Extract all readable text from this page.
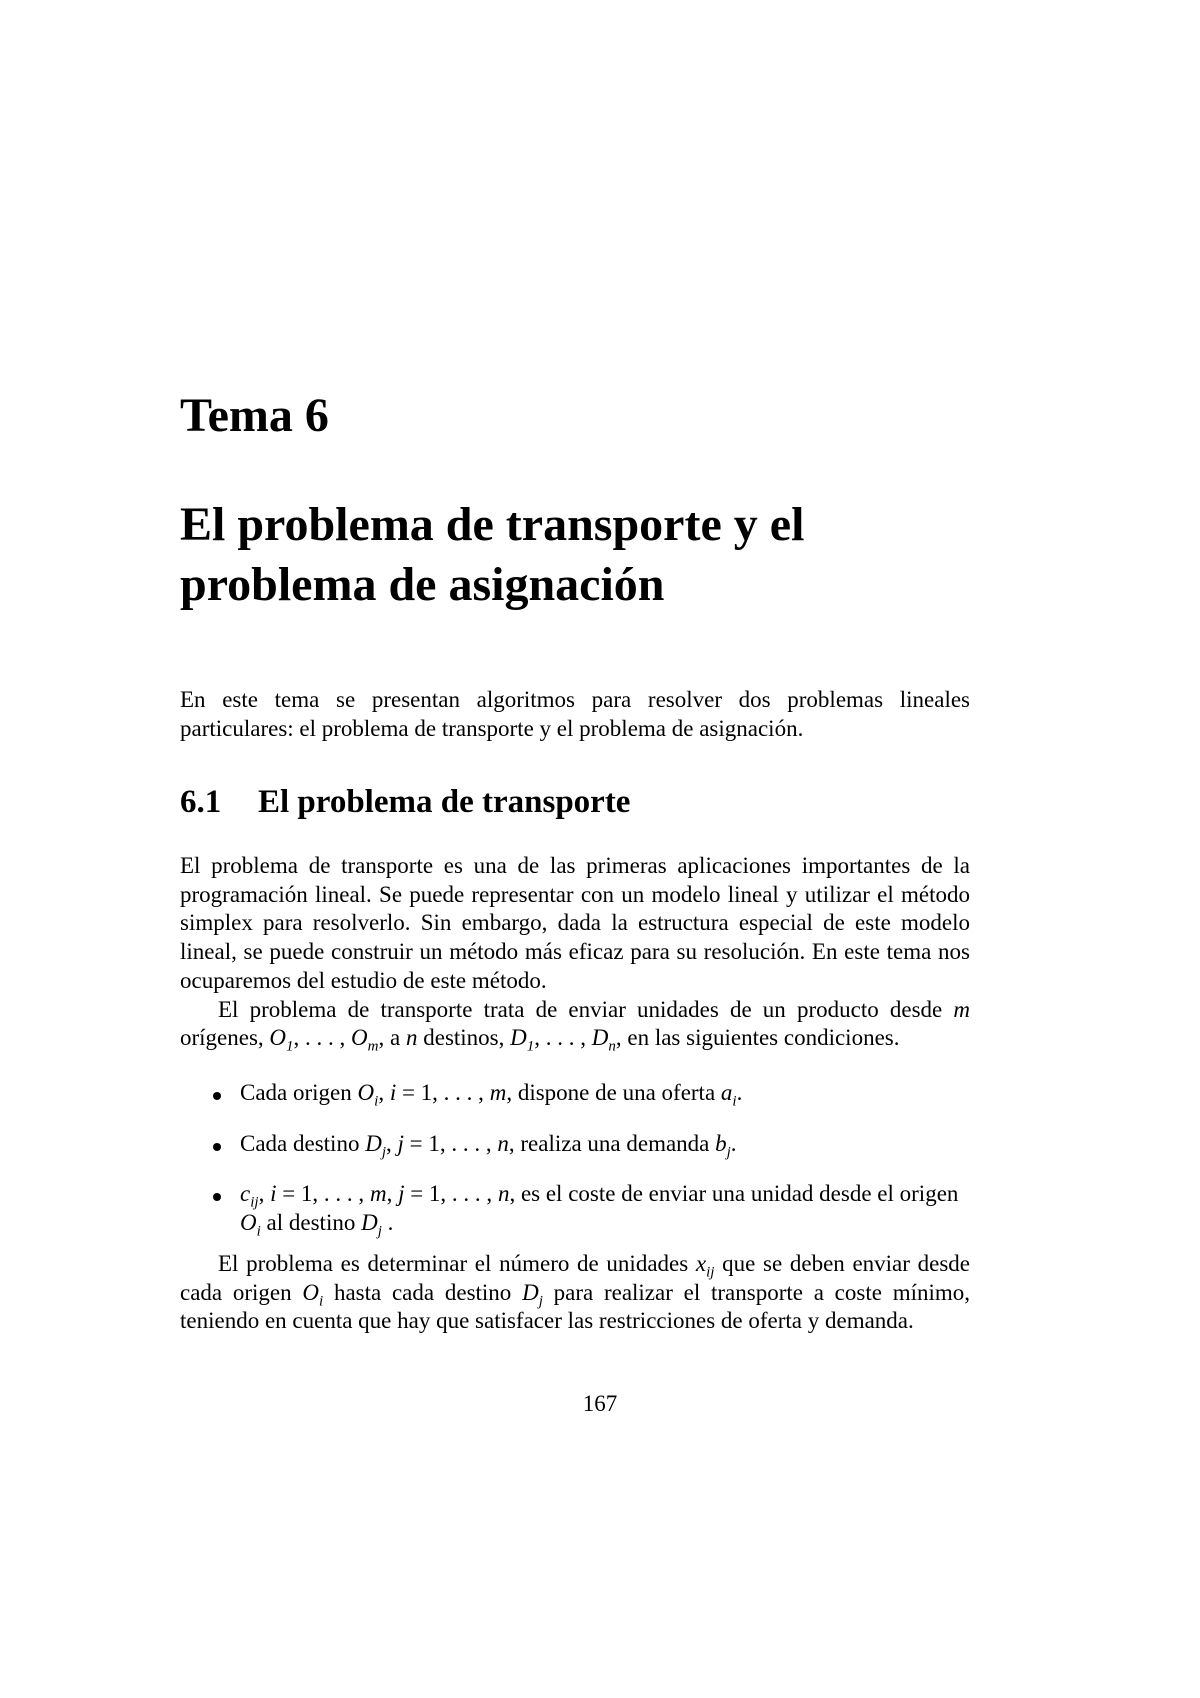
Tema 6
El problema de transporte y el
problema de asignación

En este tema se presentan algoritmos para resolver dos problemas lineales particulares: el problema de transporte y el problema de asignación.

6.1 El problema de transporte

El problema de transporte es una de las primeras aplicaciones importantes de la programación lineal. Se puede representar con un modelo lineal y utilizar el método simplex para resolverlo. Sin embargo, dada la estructura especial de este modelo lineal, se puede construir un método más eficaz para su resolución. En este tema nos ocuparemos del estudio de este método.

El problema de transporte trata de enviar unidades de un producto desde m orígenes, $O_1$, . . . , $O_m$, a n destinos, $D_1$, . . . , $D_n$, en las siguientes condiciones.

Cada origen $O_i$, i = 1, . . . , m, dispone de una oferta $a_i$.
Cada destino $D_j$, j = 1, . . . , n, realiza una demanda $b_j$.
$c_{ij}$, i = 1, . . . , m, j = 1, . . . , n, es el coste de enviar una unidad desde el origen $O_i$ al destino $D_j$ .

El problema es determinar el número de unidades $x_{ij}$ que se deben enviar desde cada origen $O_i$ hasta cada destino $D_j$ para realizar el transporte a coste mínimo, teniendo en cuenta que hay que satisfacer las restricciones de oferta y demanda.

167
